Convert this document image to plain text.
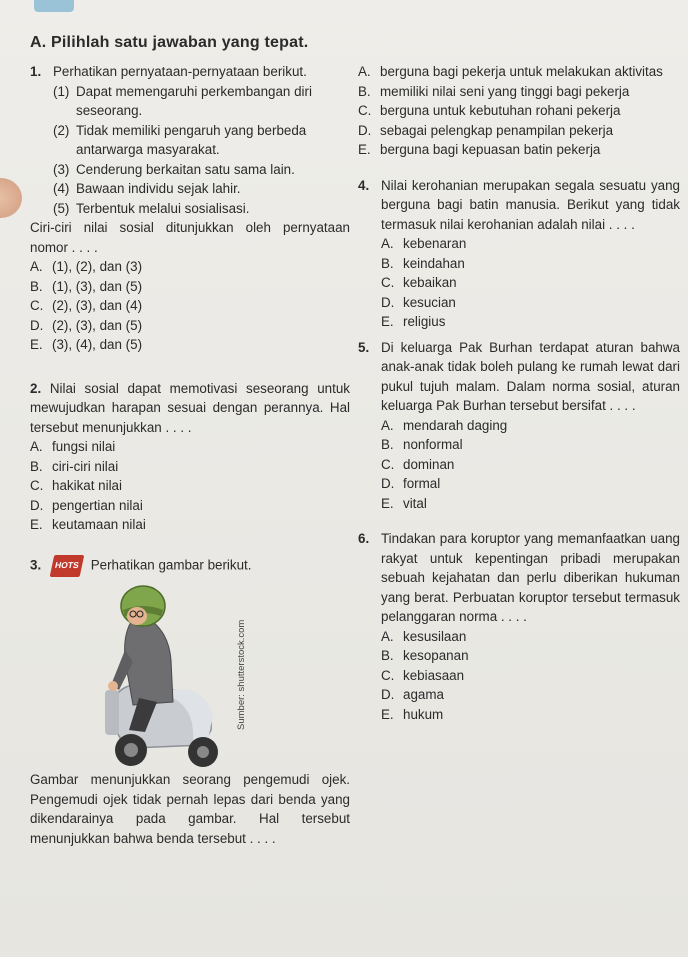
A. Pilihlah satu jawaban yang tepat.
1. Perhatikan pernyataan-pernyataan berikut.
(1) Dapat memengaruhi perkembangan diri seseorang.
(2) Tidak memiliki pengaruh yang berbeda antarwarga masyarakat.
(3) Cenderung berkaitan satu sama lain.
(4) Bawaan individu sejak lahir.
(5) Terbentuk melalui sosialisasi.
Ciri-ciri nilai sosial ditunjukkan oleh pernyataan nomor . . . .
A. (1), (2), dan (3)
B. (1), (3), dan (5)
C. (2), (3), dan (4)
D. (2), (3), dan (5)
E. (3), (4), dan (5)
2. Nilai sosial dapat memotivasi seseorang untuk mewujudkan harapan sesuai dengan perannya. Hal tersebut menunjukkan . . . .
A. fungsi nilai
B. ciri-ciri nilai
C. hakikat nilai
D. pengertian nilai
E. keutamaan nilai
3. HOTS Perhatikan gambar berikut.
Sumber: shutterstock.com
Gambar menunjukkan seorang pengemudi ojek. Pengemudi ojek tidak pernah lepas dari benda yang dikendarainya pada gambar. Hal tersebut menunjukkan bahwa benda tersebut . . . .
A. berguna bagi pekerja untuk melakukan aktivitas
B. memiliki nilai seni yang tinggi bagi pekerja
C. berguna untuk kebutuhan rohani pekerja
D. sebagai pelengkap penampilan pekerja
E. berguna bagi kepuasan batin pekerja
4. Nilai kerohanian merupakan segala sesuatu yang berguna bagi batin manusia. Berikut yang tidak termasuk nilai kerohanian adalah nilai . . . .
A. kebenaran
B. keindahan
C. kebaikan
D. kesucian
E. religius
5. Di keluarga Pak Burhan terdapat aturan bahwa anak-anak tidak boleh pulang ke rumah lewat dari pukul tujuh malam. Dalam norma sosial, aturan keluarga Pak Burhan tersebut bersifat . . . .
A. mendarah daging
B. nonformal
C. dominan
D. formal
E. vital
6. Tindakan para koruptor yang memanfaatkan uang rakyat untuk kepentingan pribadi merupakan sebuah kejahatan dan perlu diberikan hukuman yang berat. Perbuatan koruptor tersebut termasuk pelanggaran norma . . . .
A. kesusilaan
B. kesopanan
C. kebiasaan
D. agama
E. hukum
